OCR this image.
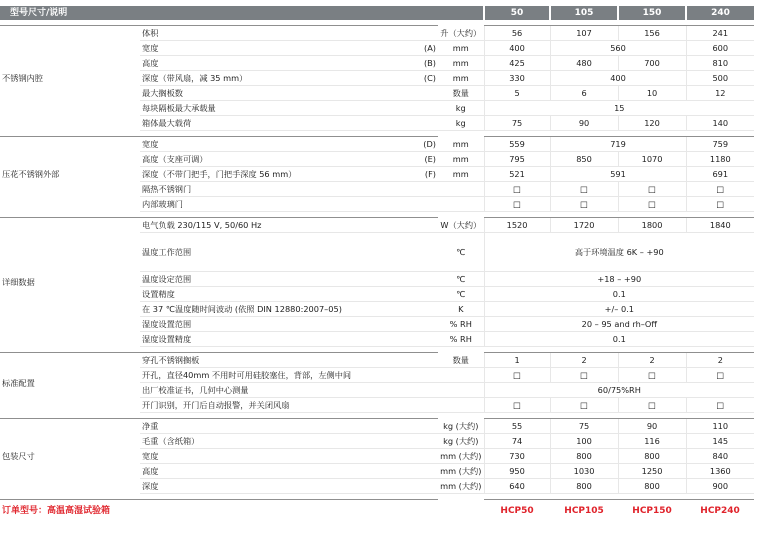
型号尺寸/说明				50	105	150	240

不锈钢内腔	体积		升（大约）	56	107	156	241
	宽度	(A)	mm	400	560		600
	高度	(B)	mm	425	480	700	810
	深度（带风扇，减 35 mm）	(C)	mm	330	400		500
	最大搁板数		数量	5	6	10	12
	每块隔板最大承载量		kg	15			
	箱体最大载荷		kg	75	90	120	140

压花不锈钢外部	宽度	(D)	mm	559	719		759
	高度（支座可调）	(E)	mm	795	850	1070	1180
	深度（不带门把手，门把手深度 56 mm）	(F)	mm	521	591		691
	隔热不锈钢门			□	□	□	□
	内部玻璃门			□	□	□	□

详细数据	电气负载 230/115 V, 50/60 Hz		W（大约）	1520	1720	1800	1840
	温度工作范围		℃	高于环境温度 6K – +90			
	温度设定范围		℃	+18 – +90			
	设置精度		℃	0.1			
	在 37 ℃温度随时间波动 (依照 DIN 12880:2007–05)		K	+/– 0.1			
	湿度设置范围		% RH	20 – 95 and rh–Off			
	湿度设置精度		% RH	0.1			

标准配置	穿孔不锈钢搁板		数量	1	2	2	2
	开孔，直径40mm 不用时可用硅胶塞住，背部，左侧中间			□	□	□	□
	出厂校准证书，几何中心测量			60/75%RH			
	开门识别，开门后自动报警，并关闭风扇			□	□	□	□

包装尺寸	净重		kg (大约)	55	75	90	110
	毛重（含纸箱）		kg (大约)	74	100	116	145
	宽度		mm (大约)	730	800	800	840
	高度		mm (大约)	950	1030	1250	1360
	深度		mm (大约)	640	800	800	900

订单型号：高温高湿试验箱				HCP50	HCP105	HCP150	HCP240
